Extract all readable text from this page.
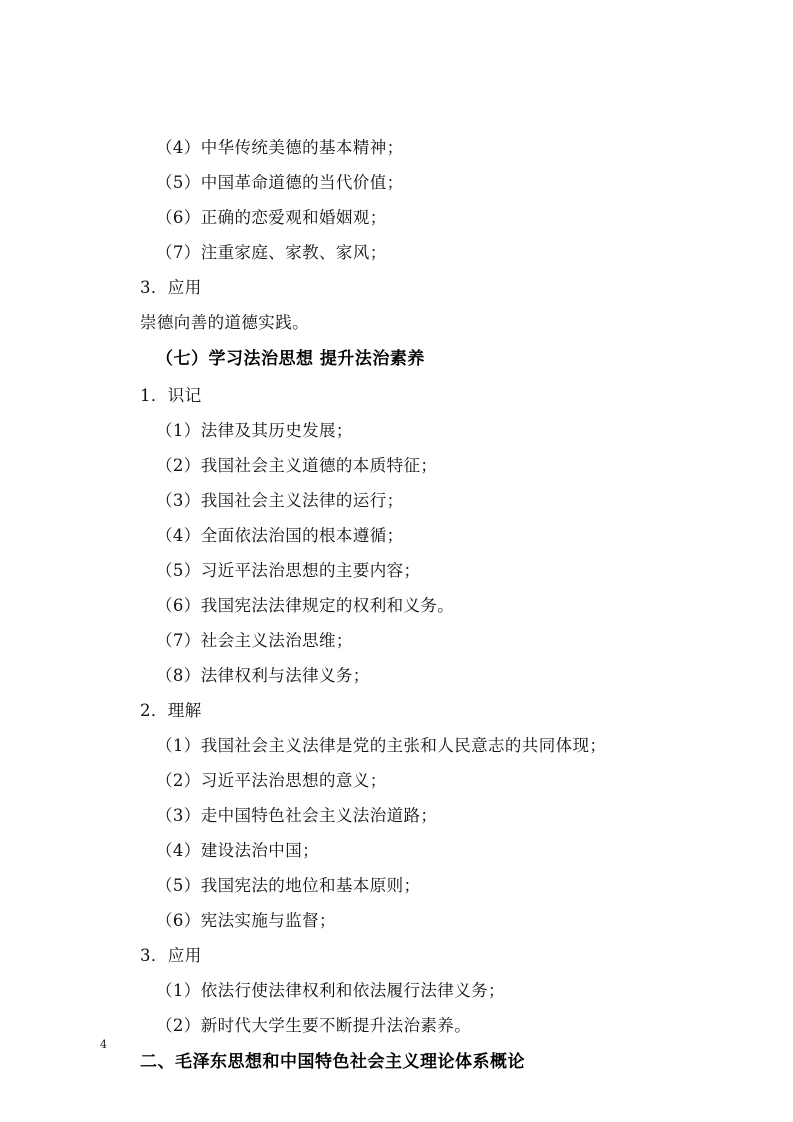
（4）中华传统美德的基本精神；
（5）中国革命道德的当代价值；
（6）正确的恋爱观和婚姻观；
（7）注重家庭、家教、家风；
3．应用
崇德向善的道德实践。
（七）学习法治思想 提升法治素养
1．识记
（1）法律及其历史发展；
（2）我国社会主义道德的本质特征；
（3）我国社会主义法律的运行；
（4）全面依法治国的根本遵循；
（5）习近平法治思想的主要内容；
（6）我国宪法法律规定的权利和义务。
（7）社会主义法治思维；
（8）法律权利与法律义务；
2．理解
（1）我国社会主义法律是党的主张和人民意志的共同体现；
（2）习近平法治思想的意义；
（3）走中国特色社会主义法治道路；
（4）建设法治中国；
（5）我国宪法的地位和基本原则；
（6）宪法实施与监督；
3．应用
（1）依法行使法律权利和依法履行法律义务；
（2）新时代大学生要不断提升法治素养。
二、毛泽东思想和中国特色社会主义理论体系概论
4
